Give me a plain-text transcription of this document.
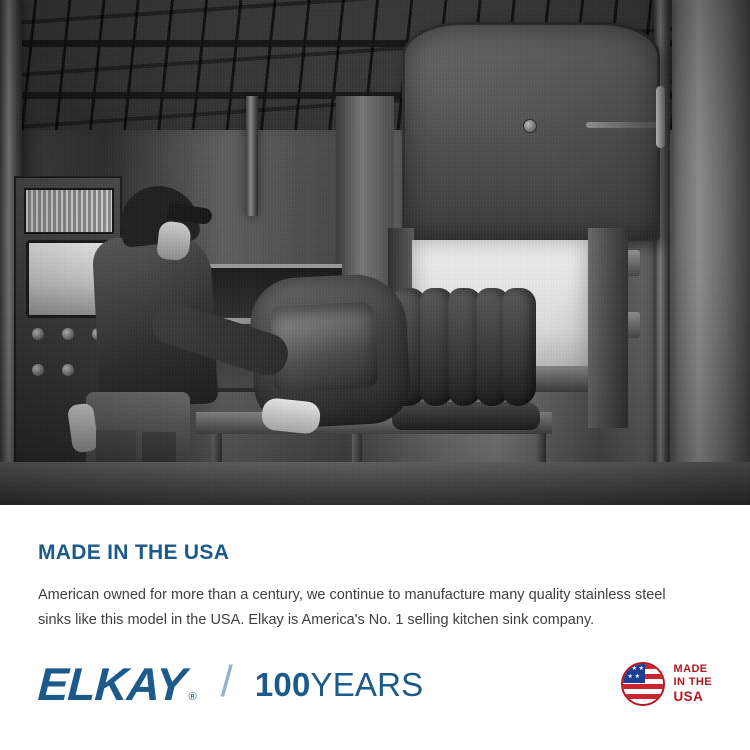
MADE IN THE USA

American owned for more than a century, we continue to manufacture many quality stainless steel sinks like this model in the USA. Elkay is America's No. 1 selling kitchen sink company.

ELKAY ® / 100YEARS ★ ★ ★ ★ ★	MADE
IN THE
USA
